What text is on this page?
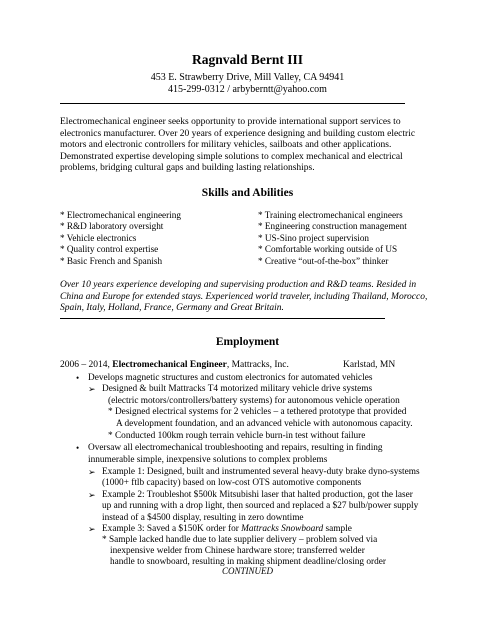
Ragnvald Bernt III
453 E. Strawberry Drive, Mill Valley, CA 94941
415-299-0312 / arbyberntt@yahoo.com

Electromechanical engineer seeks opportunity to provide international support services to electronics manufacturer. Over 20 years of experience designing and building custom electric motors and electronic controllers for military vehicles, sailboats and other applications. Demonstrated expertise developing simple solutions to complex mechanical and electrical problems, bridging cultural gaps and building lasting relationships.

Skills and Abilities
* Electromechanical engineering
* R&D laboratory oversight
* Vehicle electronics
* Quality control expertise
* Basic French and Spanish
* Training electromechanical engineers
* Engineering construction management
* US-Sino project supervision
* Comfortable working outside of US
* Creative “out-of-the-box” thinker

Over 10 years experience developing and supervising production and R&D teams. Resided in China and Europe for extended stays. Experienced world traveler, including Thailand, Morocco, Spain, Italy, Holland, France, Germany and Great Britain.

Employment
2006 – 2014, Electromechanical Engineer, Mattracks, Inc.	Karlstad, MN
• Develops magnetic structures and custom electronics for automated vehicles
➢ Designed & built Mattracks T4 motorized military vehicle drive systems
(electric motors/controllers/battery systems) for autonomous vehicle operation
* Designed electrical systems for 2 vehicles – a tethered prototype that provided
A development foundation, and an advanced vehicle with autonomous capacity.
* Conducted 100km rough terrain vehicle burn-in test without failure
• Oversaw all electromechanical troubleshooting and repairs, resulting in finding
innumerable simple, inexpensive solutions to complex problems
➢ Example 1: Designed, built and instrumented several heavy-duty brake dyno-systems
(1000+ ftlb capacity) based on low-cost OTS automotive components
➢ Example 2: Troubleshot $500k Mitsubishi laser that halted production, got the laser
up and running with a drop light, then sourced and replaced a $27 bulb/power supply
instead of a $4500 display, resulting in zero downtime
➢ Example 3: Saved a $150K order for Mattracks Snowboard sample
* Sample lacked handle due to late supplier delivery – problem solved via
inexpensive welder from Chinese hardware store; transferred welder
handle to snowboard, resulting in making shipment deadline/closing order
CONTINUED
